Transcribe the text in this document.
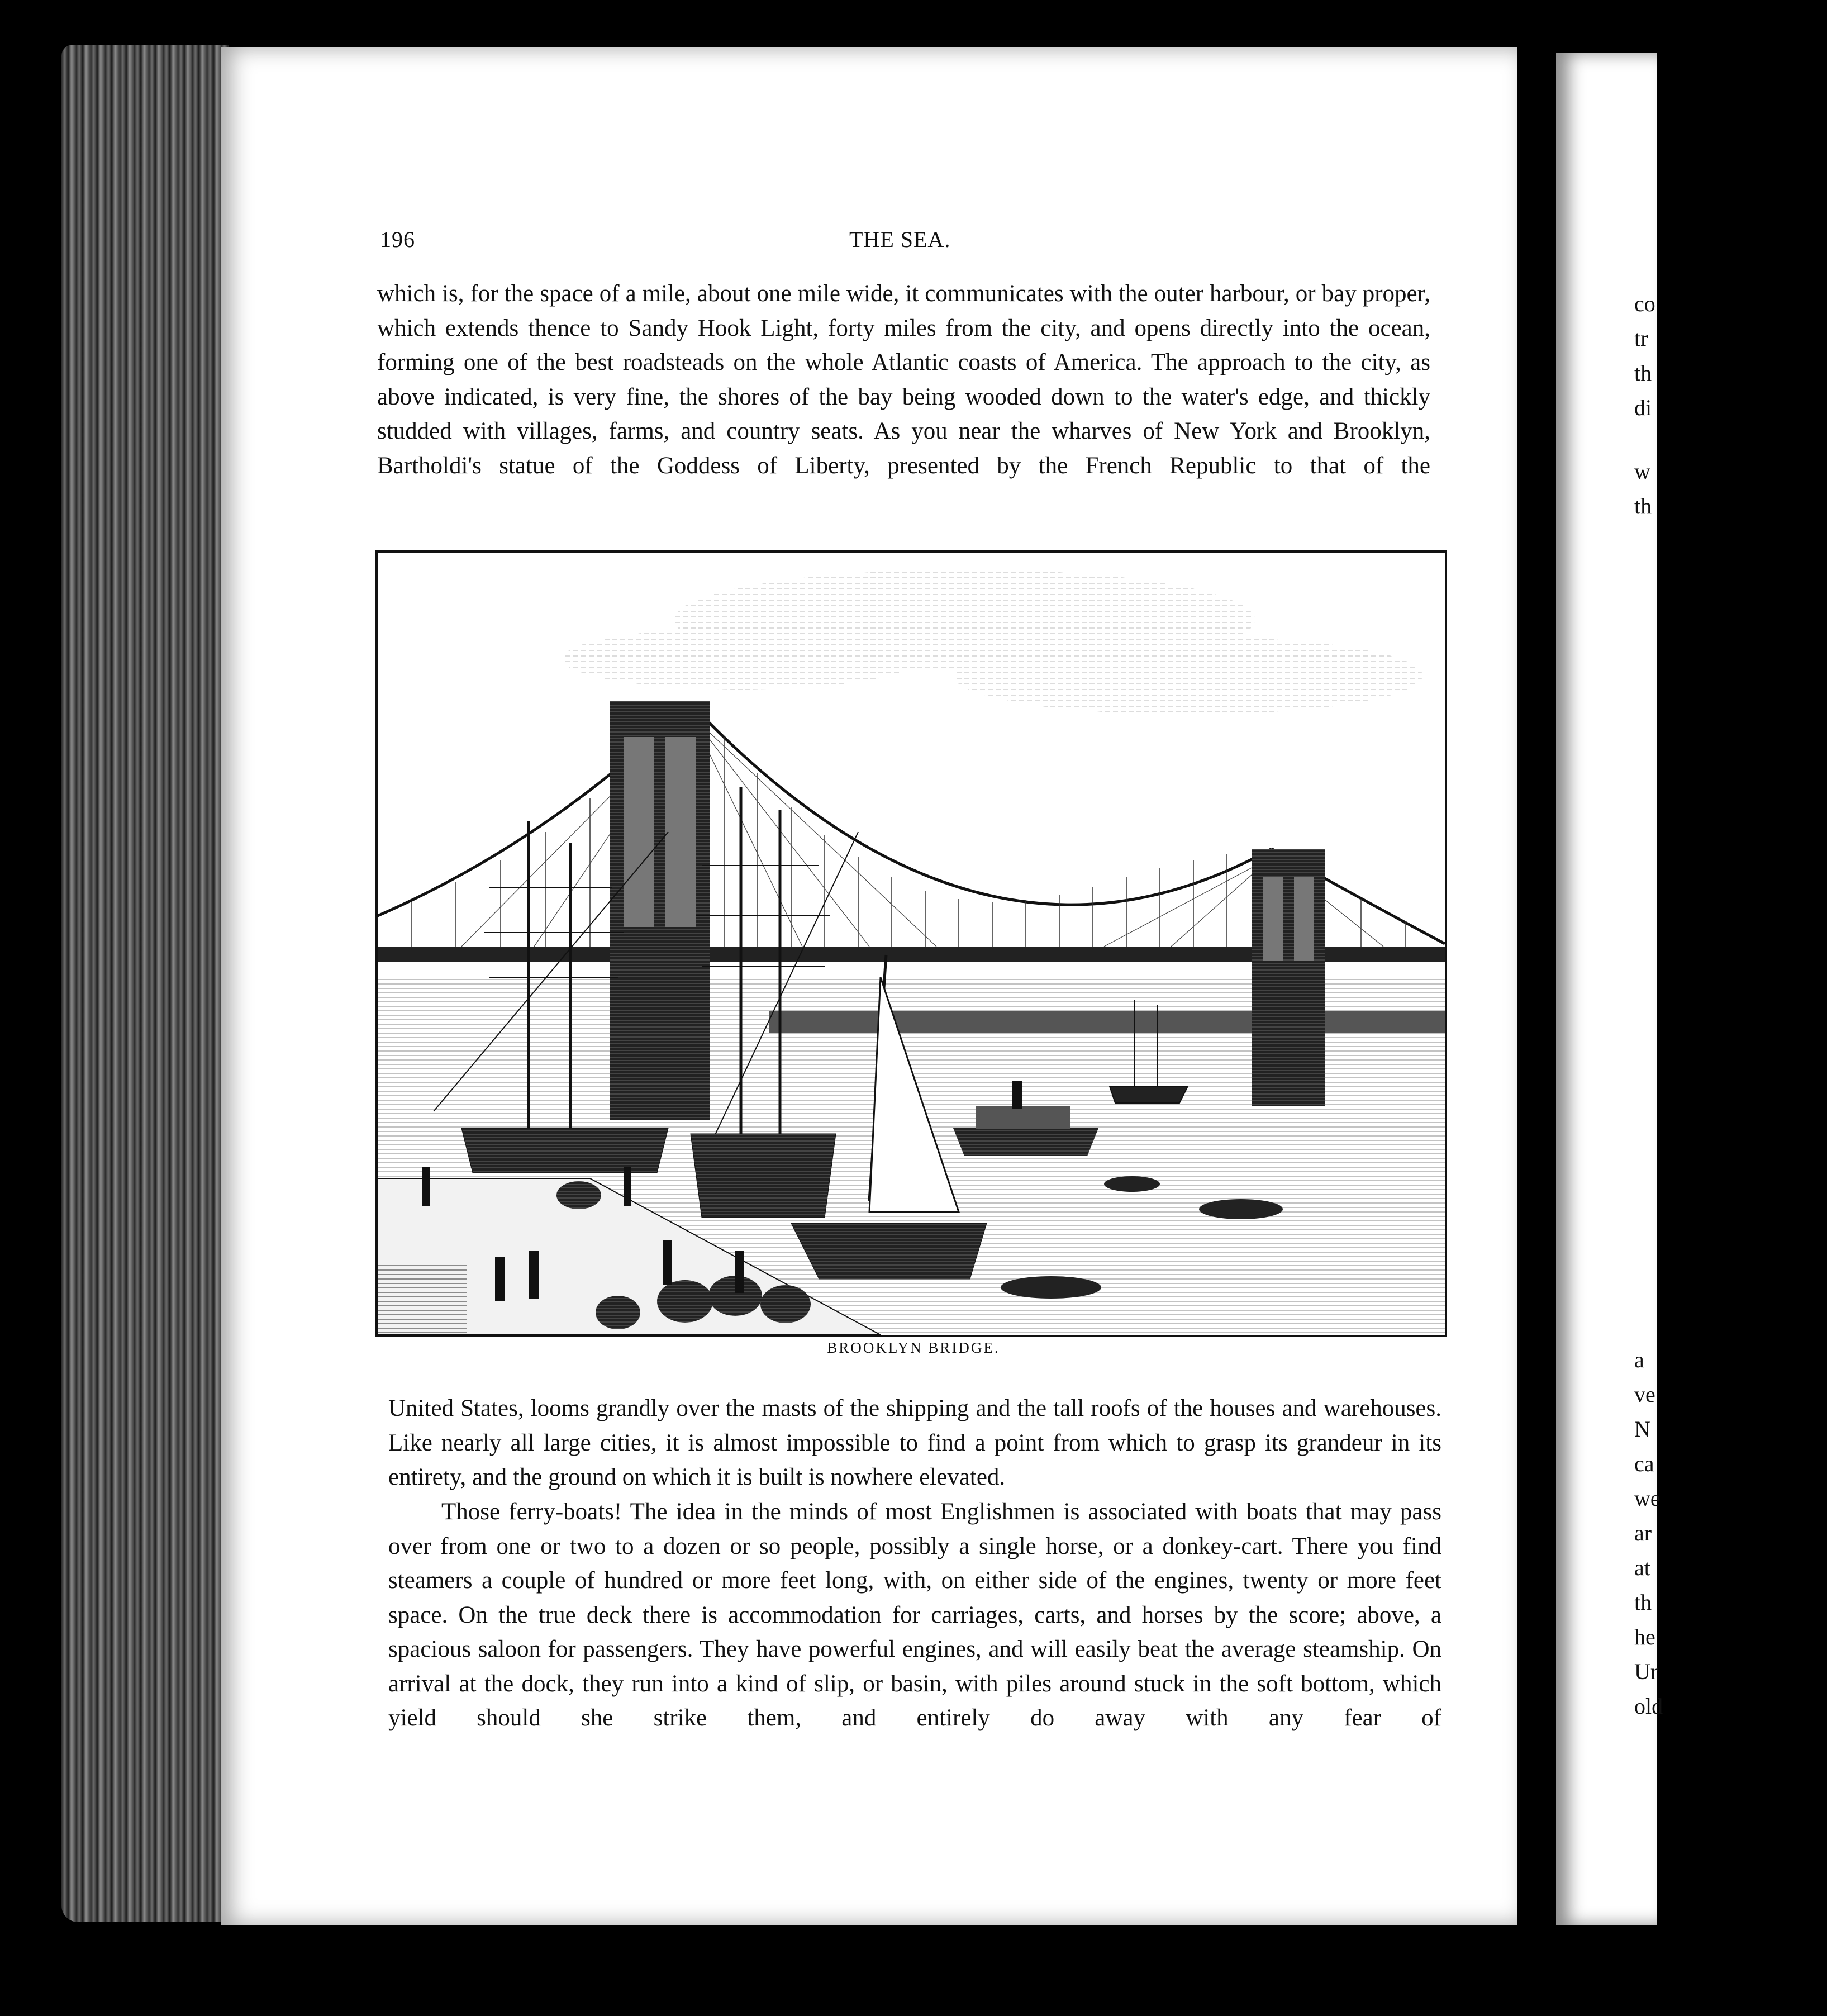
co
tr
th
di
w
th
a
ve
N
ca
we
ar
at
th
he
Ur
old
196	THE SEA.

which is, for the space of a mile, about one mile wide, it communicates with the outer harbour, or bay proper, which extends thence to Sandy Hook Light, forty miles from the city, and opens directly into the ocean, forming one of the best roadsteads on the whole Atlantic coasts of America. The approach to the city, as above indicated, is very fine, the shores of the bay being wooded down to the water's edge, and thickly studded with villages, farms, and country seats. As you near the wharves of New York and Brooklyn, Bartholdi's statue of the Goddess of Liberty, presented by the French Republic to that of the

BROOKLYN BRIDGE.

United States, looms grandly over the masts of the shipping and the tall roofs of the houses and warehouses. Like nearly all large cities, it is almost impossible to find a point from which to grasp its grandeur in its entirety, and the ground on which it is built is nowhere elevated.

Those ferry-boats! The idea in the minds of most Englishmen is associated with boats that may pass over from one or two to a dozen or so people, possibly a single horse, or a donkey-cart. There you find steamers a couple of hundred or more feet long, with, on either side of the engines, twenty or more feet space. On the true deck there is accommodation for carriages, carts, and horses by the score; above, a spacious saloon for passengers. They have powerful engines, and will easily beat the average steamship. On arrival at the dock, they run into a kind of slip, or basin, with piles around stuck in the soft bottom, which yield should she strike them, and entirely do away with any fear of
